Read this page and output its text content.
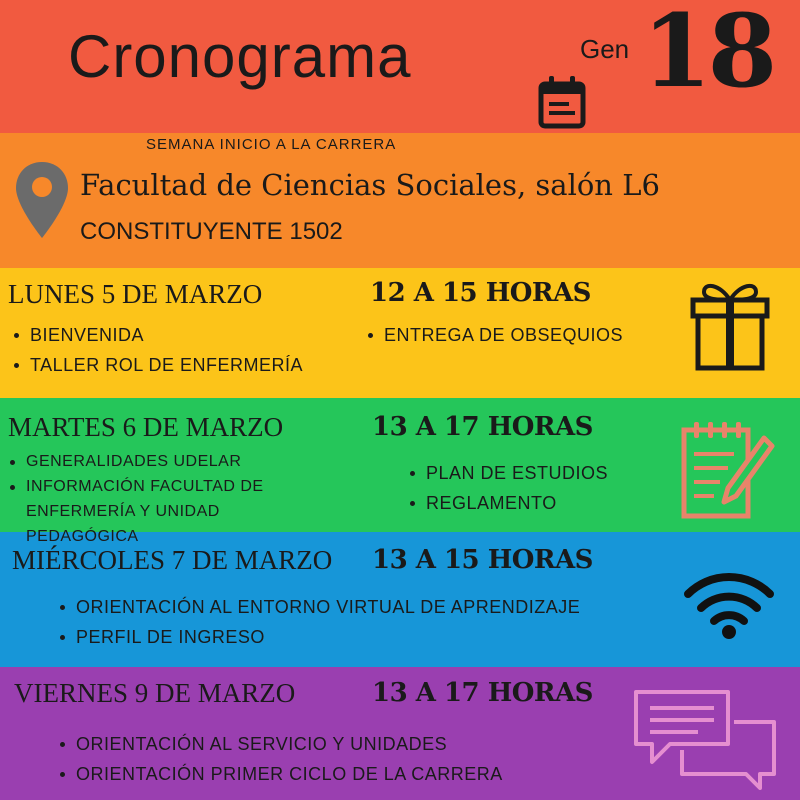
Cronograma	Gen 18
SEMANA INICIO A LA CARRERA
Facultad de Ciencias Sociales, salón L6
CONSTITUYENTE 1502
LUNES 5 DE MARZO	12 A 15 HORAS
BIENVENIDA
TALLER ROL DE ENFERMERÍA
ENTREGA DE OBSEQUIOS
MARTES 6 DE MARZO	13 A 17 HORAS
GENERALIDADES UDELAR
INFORMACIÓN FACULTAD DE ENFERMERÍA Y UNIDAD PEDAGÓGICA
PLAN DE ESTUDIOS
REGLAMENTO
MIÉRCOLES 7 DE MARZO 13 A 15 HORAS
ORIENTACIÓN AL ENTORNO VIRTUAL DE APRENDIZAJE
PERFIL DE INGRESO
VIERNES 9 DE MARZO	13 A 17 HORAS
ORIENTACIÓN AL SERVICIO Y UNIDADES
ORIENTACIÓN PRIMER CICLO DE LA CARRERA
